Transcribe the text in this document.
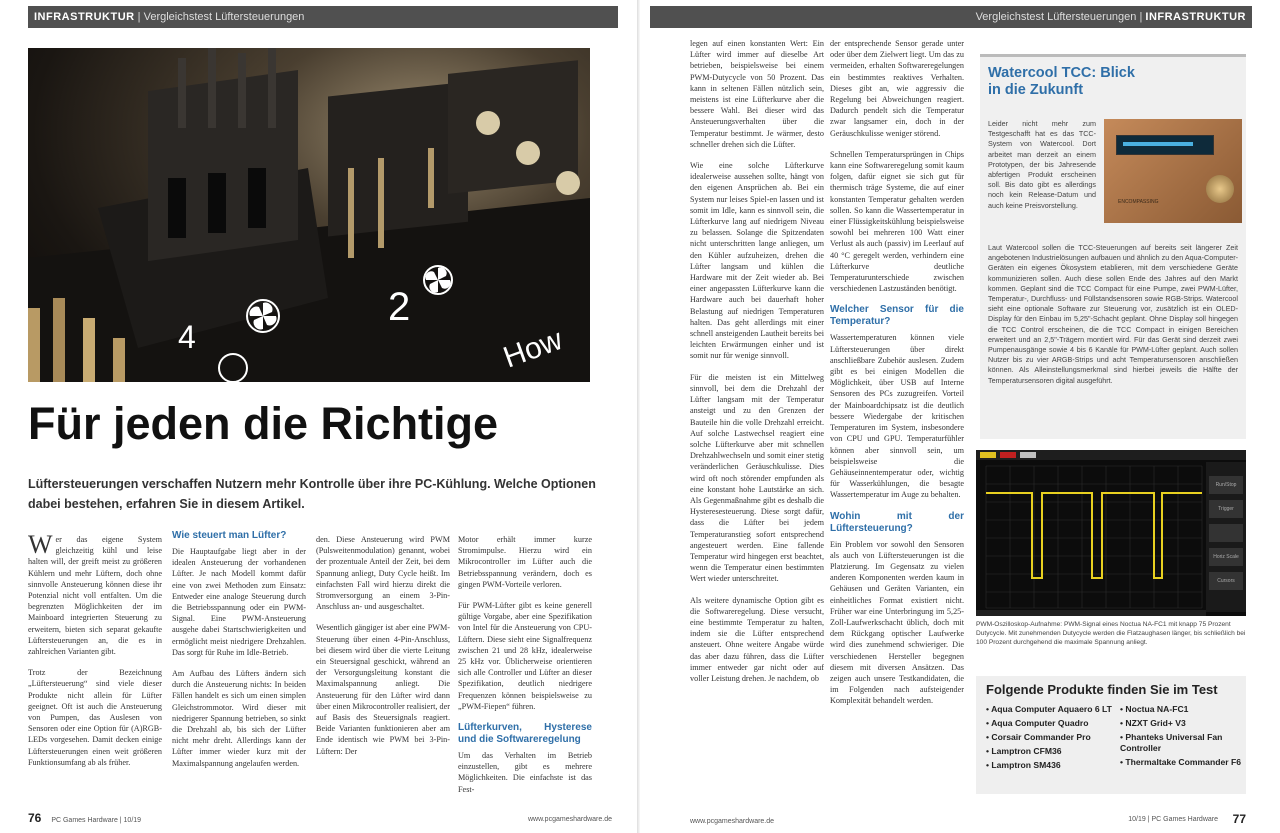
INFRASTRUKTUR | Vergleichstest Lüftersteuerungen
2
4	How
Für jeden die Richtige
Lüftersteuerungen verschaffen Nutzern mehr Kontrolle über ihre PC-Kühlung. Welche Optionen dabei bestehen, erfahren Sie in diesem Artikel.

Wer das eigene System gleichzeitig kühl und leise halten will, der greift meist zu größeren Kühlern und mehr Lüftern, doch ohne sinnvolle Ansteuerung können diese ihr Potenzial nicht voll entfalten. Um die begrenzten Möglichkeiten der im Mainboard integrierten Steuerung zu erweitern, bieten sich separat gekaufte Lüftersteuerungen an, die es in zahlreichen Varianten gibt.

Trotz der Bezeichnung „Lüftersteuerung“ sind viele dieser Produkte nicht allein für Lüfter geeignet. Oft ist auch die Ansteuerung von Pumpen, das Auslesen von Sensoren oder eine Option für (A)RGB-LEDs vorgesehen. Damit decken einige Lüftersteuerungen einen weit größeren Funktionsumfang ab als früher.

Wie steuert man Lüfter?

Die Hauptaufgabe liegt aber in der idealen Ansteuerung der vorhandenen Lüfter. Je nach Modell kommt dafür eine von zwei Methoden zum Einsatz: Entweder eine analoge Steuerung durch die Betriebsspannung oder ein PWM-Signal. Eine PWM-Ansteuerung ausgehe dabei Startschwierigkeiten und ermöglicht meist niedrigere Drehzahlen. Das sorgt für Ruhe im Idle-Betrieb.

Am Aufbau des Lüfters ändern sich durch die Ansteuerung nichts: In beiden Fällen handelt es sich um einen simplen Gleichstrommotor. Wird dieser mit niedrigerer Spannung betrieben, so sinkt die Drehzahl ab, bis sich der Lüfter nicht mehr dreht. Allerdings kann der Lüfter immer wieder kurz mit der Maximalspannung angelaufen werden.

den. Diese Ansteuerung wird PWM (Pulsweitenmodulation) genannt, wobei der prozentuale Anteil der Zeit, bei dem Spannung anliegt, Duty Cycle heißt. Im einfachsten Fall wird hierzu direkt die Stromversorgung an einem 3-Pin-Anschluss an- und ausgeschaltet.

Wesentlich gängiger ist aber eine PWM-Steuerung über einen 4-Pin-Anschluss, bei diesem wird über die vierte Leitung ein Steuersignal geschickt, während an der Versorgungsleitung konstant die Maximalspannung anliegt. Die Ansteuerung für den Lüfter wird dann über einen Mikrocontroller realisiert, der auf Basis des Steuersignals reagiert. Beide Varianten funktionieren aber am Ende identisch wie PWM bei 3-Pin-Lüftern: Der

Motor erhält immer kurze Stromimpulse. Hierzu wird ein Mikrocontroller im Lüfter auch die Betriebsspannung verändern, doch es gingen PWM-Vorteile verloren.

Für PWM-Lüfter gibt es keine generell gültige Vorgabe, aber eine Spezifikation von Intel für die Ansteuerung von CPU-Lüftern. Diese sieht eine Signalfrequenz zwischen 21 und 28 kHz, idealerweise 25 kHz vor. Üblicherweise orientieren sich alle Controller und Lüfter an dieser Spezifikation, deutlich niedrigere Frequenzen können beispielsweise zu „PWM-Fiepen“ führen.

Lüfterkurven, Hysterese und die Softwareregelung

Um das Verhalten im Betrieb einzustellen, gibt es mehrere Möglichkeiten. Die einfachste ist das Fest-

76 PC Games Hardware | 10/19	www.pcgameshardware.de
Vergleichstest Lüftersteuerungen | INFRASTRUKTUR

legen auf einen konstanten Wert: Ein Lüfter wird immer auf dieselbe Art betrieben, beispielsweise bei einem PWM-Dutycycle von 50 Prozent. Das kann in seltenen Fällen nützlich sein, meistens ist eine Lüfterkurve aber die bessere Wahl. Bei dieser wird das Ansteuerungsverhalten über die Temperatur bestimmt. Je wärmer, desto schneller drehen sich die Lüfter.

Wie eine solche Lüfterkurve idealerweise aussehen sollte, hängt von den eigenen Ansprüchen ab. Bei ein System nur leises Spiel-en lassen und ist somit im Idle, kann es sinnvoll sein, die Lüfterkurve lang auf niedrigem Niveau zu belassen. Solange die Spitzendaten nicht unterschritten lange anliegen, um den Kühler aufzuheizen, drehen die Lüfter langsam und kühlen die Hardware mit der Zeit wieder ab. Bei einer angepassten Lüfterkurve kann die Hardware auch bei dauerhaft hoher Belastung auf niedrigen Temperaturen halten. Das geht allerdings mit einer schnell ansteigenden Lautheit bereits bei leichten Erwärmungen einher und ist somit nur für wenige sinnvoll.

Für die meisten ist ein Mittelweg sinnvoll, bei dem die Drehzahl der Lüfter langsam mit der Temperatur ansteigt und zu den Grenzen der Bauteile hin die volle Drehzahl erreicht. Auf solche Lastwechsel reagiert eine solche Lüfterkurve aber mit schnellen Drehzahlwechseln und somit einer stetig veränderlichen Geräuschkulisse. Dies wird oft noch störender empfunden als eine konstant hohe Lautstärke an sich. Als Gegenmaßnahme gibt es deshalb die Hysteresesteuerung. Diese sorgt dafür, dass die Lüfter bei jedem Temperaturanstieg sofort entsprechend angesteuert werden. Eine fallende Temperatur wird hingegen erst beachtet, wenn die Temperatur einen bestimmten Wert wieder unterschreitet.

Als weitere dynamische Option gibt es die Softwareregelung. Diese versucht, eine bestimmte Temperatur zu halten, indem sie die Lüfter entsprechend ansteuert. Ohne weitere Angabe würde das aber dazu führen, dass die Lüfter immer entweder gar nicht oder auf voller Leistung drehen. Je nachdem, ob

der entsprechende Sensor gerade unter oder über dem Zielwert liegt. Um das zu vermeiden, erhalten Softwareregelungen ein bestimmtes reaktives Verhalten. Dieses gibt an, wie aggressiv die Regelung bei Abweichungen reagiert. Dadurch pendelt sich die Temperatur zwar langsamer ein, doch in der Geräuschkulisse weniger störend.

Schnellen Temperatursprüngen in Chips kann eine Softwareregelung somit kaum folgen, dafür eignet sie sich gut für thermisch träge Systeme, die auf einer konstanten Temperatur gehalten werden sollen. So kann die Wassertemperatur in einer Flüssigkeitskühlung beispielsweise sowohl bei mehreren 100 Watt einer Verlust als auch (passiv) im Leerlauf auf 40 °C geregelt werden, verhindern eine Lüfterkurve deutliche Temperaturunterschiede zwischen verschiedenen Lastzuständen benötigt.

Welcher Sensor für die Temperatur?

Wassertemperaturen können viele Lüftersteuerungen über direkt anschließbare Zubehör auslesen. Zudem gibt es bei einigen Modellen die Möglichkeit, über USB auf Interne Sensoren des PCs zuzugreifen. Vorteil der Mainboardchipsatz ist die deutlich bessere Wiedergabe der kritischen Temperaturen im System, insbesondere von CPU und GPU. Temperaturfühler können aber sinnvoll sein, um beispielsweise die Gehäuseinnentemperatur oder, wichtig für Wasserkühlungen, die besagte Wassertemperatur im Auge zu behalten.

Wohin mit der Lüftersteuerung?

Ein Problem vor sowohl den Sensoren als auch von Lüftersteuerungen ist die Platzierung. Im Gegensatz zu vielen anderen Komponenten werden kaum in Gehäusen und Geräten Varianten, ein einheitliches Format existiert nicht. Früher war eine Unterbringung im 5,25-Zoll-Laufwerkschacht üblich, doch mit dem Rückgang optischer Laufwerke wird dies zunehmend schwieriger. Die verschiedenen Hersteller begegnen diesem mit diversen Ansätzen. Das zeigen auch unsere Testkandidaten, die im Folgenden nach aufsteigender Komplexität behandelt werden.

Watercool TCC: Blick in die Zukunft
ENCOMPASSING
Leider nicht mehr zum Testgeschafft hat es das TCC-System von Watercool. Dort arbeitet man derzeit an einem Prototypen, der bis Jahresende abfertigen Produkt erscheinen soll. Bis dato gibt es allerdings noch kein Release-Datum und auch keine Preisvorstellung.
Laut Watercool sollen die TCC-Steuerungen auf bereits seit längerer Zeit angebotenen Industrielösungen aufbauen und ähnlich zu den Aqua-Computer-Geräten ein eigenes Ökosystem etablieren, mit dem verschiedene Geräte kommunizieren sollen. Auch diese sollen Ende des Jahres auf den Markt kommen. Geplant sind die TCC Compact für eine Pumpe, zwei PWM-Lüfter, Temperatur-, Durchfluss- und Füllstandsensoren sowie RGB-Strips. Watercool sieht eine optionale Software zur Steuerung vor, zusätzlich ist ein OLED-Display für den Einbau im 5,25"-Schacht geplant. Ohne Display soll hingegen die TCC Control erscheinen, die die TCC Compact in einigen Bereichen erweitert und an 2,5"-Trägern montiert wird. Für das Gerät sind derzeit zwei Pumpenausgänge sowie 4 bis 6 Kanäle für PWM-Lüfter geplant. Auch sollen Nutzer bis zu vier ARGB-Strips und acht Temperatursensoren anschließen können. Als Alleinstellungsmerkmal sind hierbei jeweils die Hälfte der Temperatursensoren digital ausgeführt.
Run/Stop
Trigger
Horiz Scale
Cursors
PWM-Oszilloskop-Aufnahme: PWM-Signal eines Noctua NA-FC1 mit knapp 75 Prozent Dutycycle. Mit zunehmenden Dutycycle werden die Flatzaughasen länger, bis schließlich bei 100 Prozent durchgehend die maximale Spannung anliegt.
Folgende Produkte finden Sie im Test
• Aqua Computer Aquaero 6 LT
• Aqua Computer Quadro
• Corsair Commander Pro
• Lamptron CFM36
• Lamptron SM436
• Noctua NA-FC1
• NZXT Grid+ V3
• Phanteks Universal Fan Controller
• Thermaltake Commander F6
www.pcgameshardware.de	10/19 | PC Games Hardware 77
